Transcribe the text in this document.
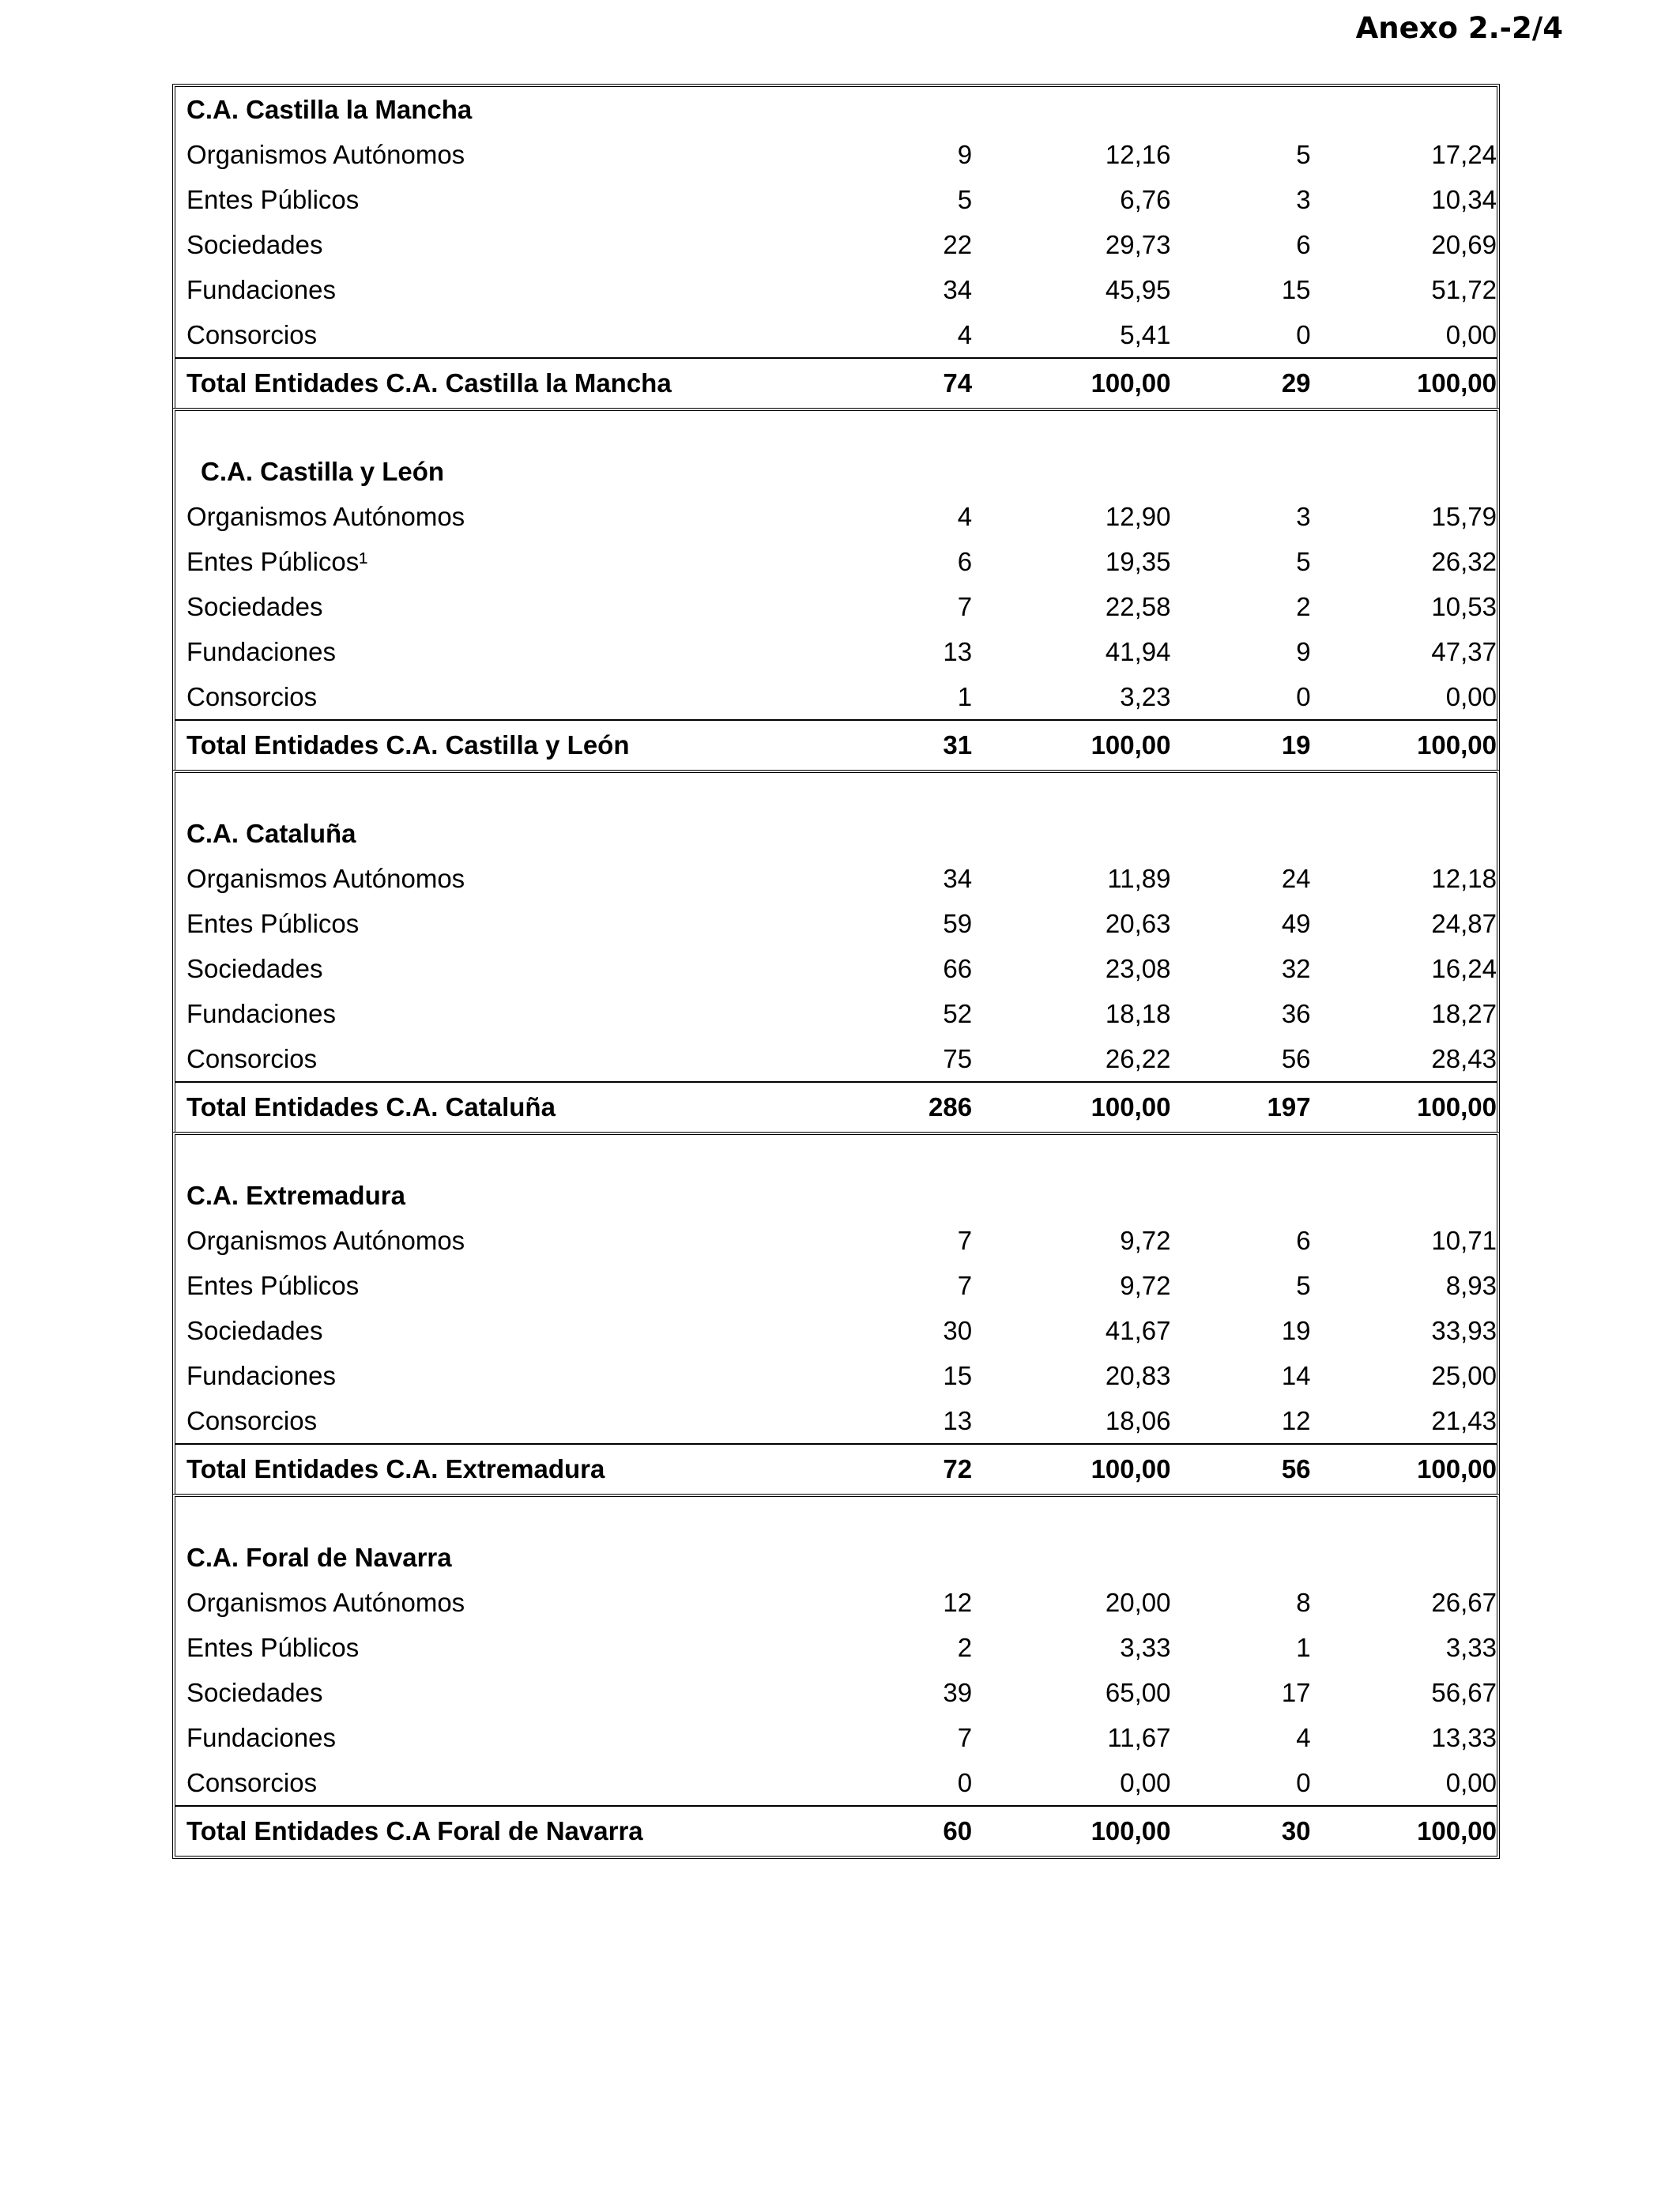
Anexo 2.-2/4
C.A. Castilla la Mancha
Organismos Autónomos	9	12,16	5	17,24
Entes Públicos	5	6,76	3	10,34
Sociedades	22	29,73	6	20,69
Fundaciones	34	45,95	15	51,72
Consorcios	4	5,41	0	0,00
Total Entidades C.A. Castilla la Mancha	74	100,00	29	100,00
C.A. Castilla y León
Organismos Autónomos	4	12,90	3	15,79
Entes Públicos¹	6	19,35	5	26,32
Sociedades	7	22,58	2	10,53
Fundaciones	13	41,94	9	47,37
Consorcios	1	3,23	0	0,00
Total Entidades C.A. Castilla y León	31	100,00	19	100,00
C.A. Cataluña
Organismos Autónomos	34	11,89	24	12,18
Entes Públicos	59	20,63	49	24,87
Sociedades	66	23,08	32	16,24
Fundaciones	52	18,18	36	18,27
Consorcios	75	26,22	56	28,43
Total Entidades C.A. Cataluña	286	100,00	197	100,00
C.A. Extremadura
Organismos Autónomos	7	9,72	6	10,71
Entes Públicos	7	9,72	5	8,93
Sociedades	30	41,67	19	33,93
Fundaciones	15	20,83	14	25,00
Consorcios	13	18,06	12	21,43
Total Entidades C.A. Extremadura	72	100,00	56	100,00
C.A. Foral de Navarra
Organismos Autónomos	12	20,00	8	26,67
Entes Públicos	2	3,33	1	3,33
Sociedades	39	65,00	17	56,67
Fundaciones	7	11,67	4	13,33
Consorcios	0	0,00	0	0,00
Total Entidades C.A Foral de Navarra	60	100,00	30	100,00
